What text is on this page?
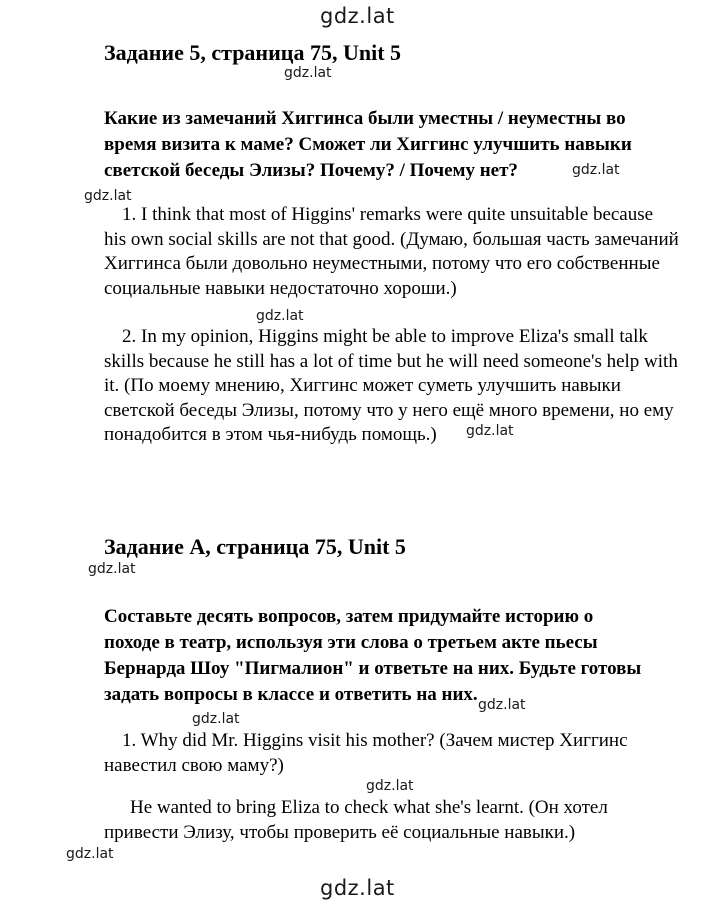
gdz.lat
gdz.lat
gdz.lat
gdz.lat
gdz.lat
gdz.lat
gdz.lat
gdz.lat
gdz.lat
gdz.lat
gdz.lat
gdz.lat
Задание 5, страница 75, Unit 5
Какие из замечаний Хиггинса были уместны / неуместны во
время визита к маме? Сможет ли Хиггинс улучшить навыки
светской беседы Элизы? Почему? / Почему нет?
1. I think that most of Higgins' remarks were quite unsuitable because
his own social skills are not that good. (Думаю, большая часть замечаний
Хиггинса были довольно неуместными, потому что его собственные
социальные навыки недостаточно хороши.)
2. In my opinion, Higgins might be able to improve Eliza's small talk
skills because he still has a lot of time but he will need someone's help with
it. (По моему мнению, Хиггинс может суметь улучшить навыки
светской беседы Элизы, потому что у него ещё много времени, но ему
понадобится в этом чья-нибудь помощь.)
Задание A, страница 75, Unit 5
Составьте десять вопросов, затем придумайте историю о
походе в театр, используя эти слова о третьем акте пьесы
Бернарда Шоу "Пигмалион" и ответьте на них. Будьте готовы
задать вопросы в классе и ответить на них.
1. Why did Mr. Higgins visit his mother? (Зачем мистер Хиггинс
навестил свою маму?)
He wanted to bring Eliza to check what she's learnt. (Он хотел
привести Элизу, чтобы проверить её социальные навыки.)
